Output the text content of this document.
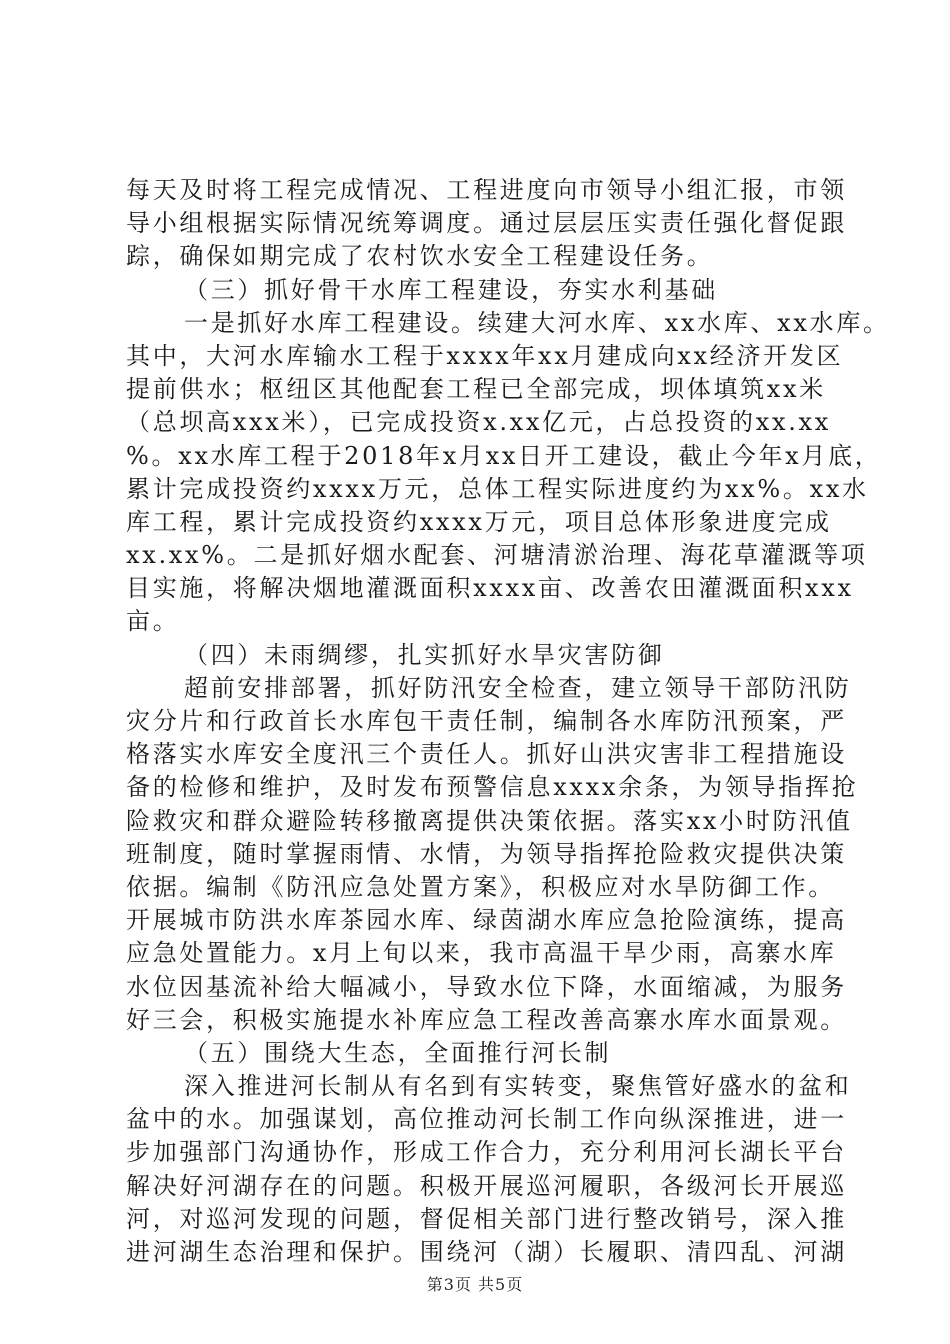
每天及时将工程完成情况、工程进度向市领导小组汇报，市领
导小组根据实际情况统筹调度。通过层层压实责任强化督促跟
踪，确保如期完成了农村饮水安全工程建设任务。
（三）抓好骨干水库工程建设，夯实水利基础
一是抓好水库工程建设。续建大河水库、xx水库、xx水库。
其中，大河水库输水工程于xxxx年xx月建成向xx经济开发区
提前供水；枢纽区其他配套工程已全部完成，坝体填筑xx米
（总坝高xxx米），已完成投资x.xx亿元，占总投资的xx.xx
%。xx水库工程于2018年x月xx日开工建设，截止今年x月底，
累计完成投资约xxxx万元，总体工程实际进度约为xx%。xx水
库工程，累计完成投资约xxxx万元，项目总体形象进度完成
xx.xx%。二是抓好烟水配套、河塘清淤治理、海花草灌溉等项
目实施，将解决烟地灌溉面积xxxx亩、改善农田灌溉面积xxx
亩。
（四）未雨绸缪，扎实抓好水旱灾害防御
超前安排部署，抓好防汛安全检查，建立领导干部防汛防
灾分片和行政首长水库包干责任制，编制各水库防汛预案，严
格落实水库安全度汛三个责任人。抓好山洪灾害非工程措施设
备的检修和维护，及时发布预警信息xxxx余条，为领导指挥抢
险救灾和群众避险转移撤离提供决策依据。落实xx小时防汛值
班制度，随时掌握雨情、水情，为领导指挥抢险救灾提供决策
依据。编制《防汛应急处置方案》，积极应对水旱防御工作。
开展城市防洪水库茶园水库、绿茵湖水库应急抢险演练，提高
应急处置能力。x月上旬以来，我市高温干旱少雨，高寨水库
水位因基流补给大幅减小，导致水位下降，水面缩减，为服务
好三会，积极实施提水补库应急工程改善高寨水库水面景观。
（五）围绕大生态，全面推行河长制
深入推进河长制从有名到有实转变，聚焦管好盛水的盆和
盆中的水。加强谋划，高位推动河长制工作向纵深推进，进一
步加强部门沟通协作，形成工作合力，充分利用河长湖长平台
解决好河湖存在的问题。积极开展巡河履职，各级河长开展巡
河，对巡河发现的问题，督促相关部门进行整改销号，深入推
进河湖生态治理和保护。围绕河（湖）长履职、清四乱、河湖
第3页 共5页
